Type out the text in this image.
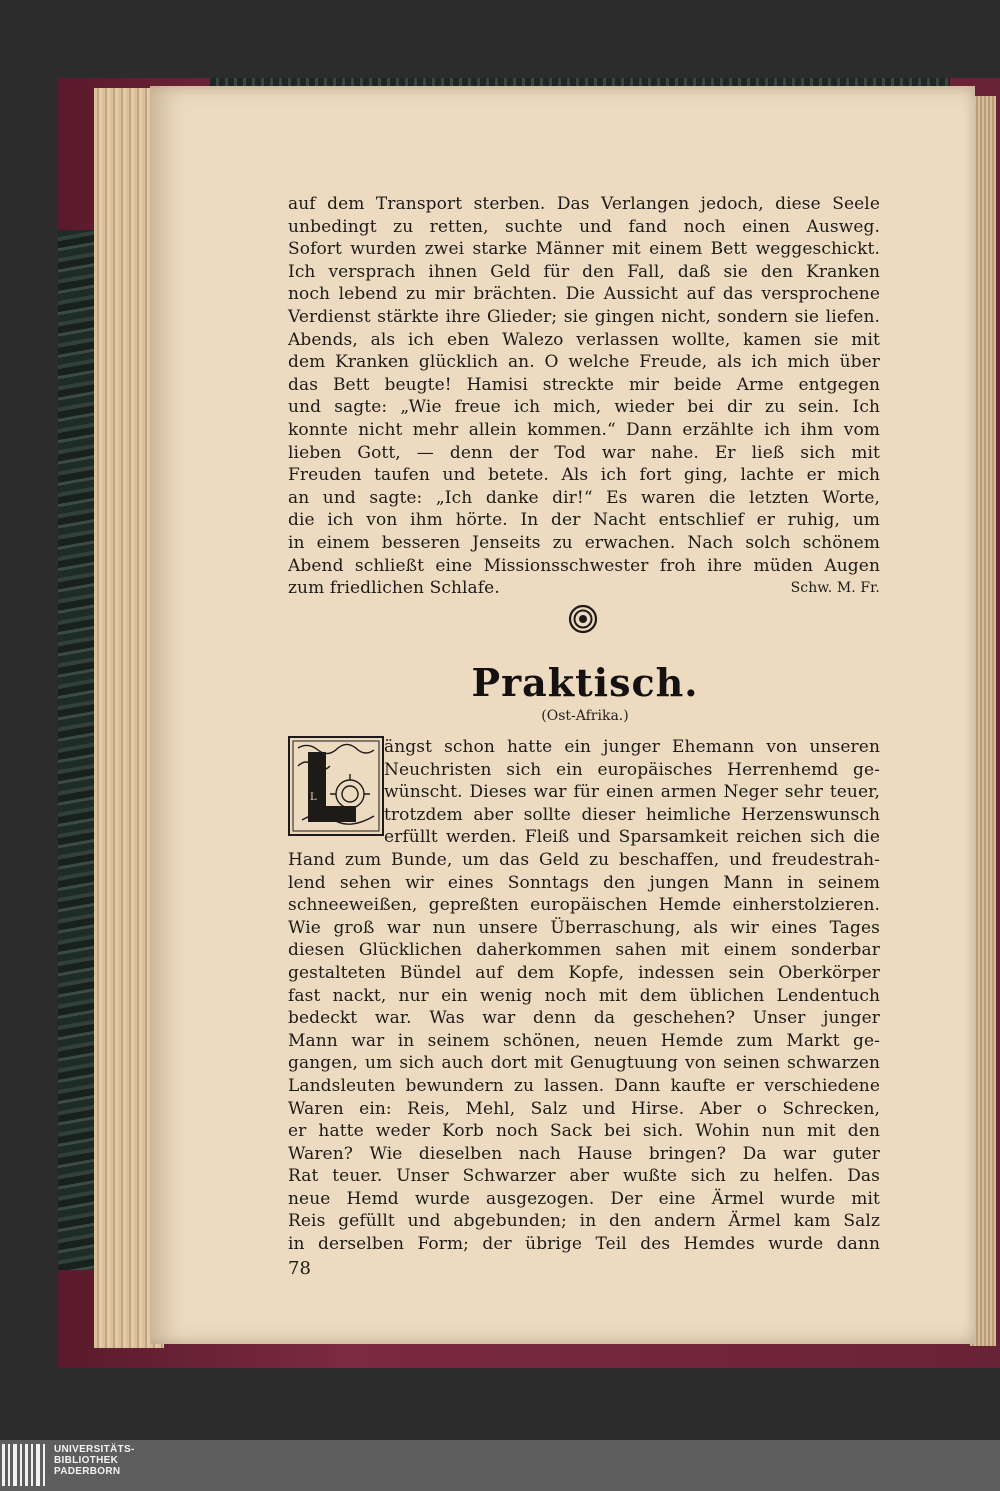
auf dem Transport sterben. Das Verlangen jedoch, diese Seele
unbedingt zu retten, suchte und fand noch einen Ausweg.
Sofort wurden zwei starke Männer mit einem Bett weggeschickt.
Ich versprach ihnen Geld für den Fall, daß sie den Kranken
noch lebend zu mir brächten. Die Aussicht auf das versprochene
Verdienst stärkte ihre Glieder; sie gingen nicht, sondern sie liefen.
Abends, als ich eben Walezo verlassen wollte, kamen sie mit
dem Kranken glücklich an. O welche Freude, als ich mich über
das Bett beugte! Hamisi streckte mir beide Arme entgegen
und sagte: „Wie freue ich mich, wieder bei dir zu sein. Ich
konnte nicht mehr allein kommen.“ Dann erzählte ich ihm vom
lieben Gott, — denn der Tod war nahe. Er ließ sich mit
Freuden taufen und betete. Als ich fort ging, lachte er mich
an und sagte: „Ich danke dir!“ Es waren die letzten Worte,
die ich von ihm hörte. In der Nacht entschlief er ruhig, um
in einem besseren Jenseits zu erwachen. Nach solch schönem
Abend schließt eine Missionsschwester froh ihre müden Augen
zum friedlichen Schlafe.	Schw. M. Fr.
Praktisch.
(Ost-Afrika.)
L
ängst schon hatte ein junger Ehemann von unseren
Neuchristen sich ein europäisches Herrenhemd ge-
wünscht. Dieses war für einen armen Neger sehr teuer,
trotzdem aber sollte dieser heimliche Herzenswunsch
erfüllt werden. Fleiß und Sparsamkeit reichen sich die
Hand zum Bunde, um das Geld zu beschaffen, und freudestrah-
lend sehen wir eines Sonntags den jungen Mann in seinem
schneeweißen, gepreßten europäischen Hemde einherstolzieren.
Wie groß war nun unsere Überraschung, als wir eines Tages
diesen Glücklichen daherkommen sahen mit einem sonderbar
gestalteten Bündel auf dem Kopfe, indessen sein Oberkörper
fast nackt, nur ein wenig noch mit dem üblichen Lendentuch
bedeckt war. Was war denn da geschehen? Unser junger
Mann war in seinem schönen, neuen Hemde zum Markt ge-
gangen, um sich auch dort mit Genugtuung von seinen schwarzen
Landsleuten bewundern zu lassen. Dann kaufte er verschiedene
Waren ein: Reis, Mehl, Salz und Hirse. Aber o Schrecken,
er hatte weder Korb noch Sack bei sich. Wohin nun mit den
Waren? Wie dieselben nach Hause bringen? Da war guter
Rat teuer. Unser Schwarzer aber wußte sich zu helfen. Das
neue Hemd wurde ausgezogen. Der eine Ärmel wurde mit
Reis gefüllt und abgebunden; in den andern Ärmel kam Salz
in derselben Form; der übrige Teil des Hemdes wurde dann
78
UNIVERSITÄTS-
BIBLIOTHEK
PADERBORN
